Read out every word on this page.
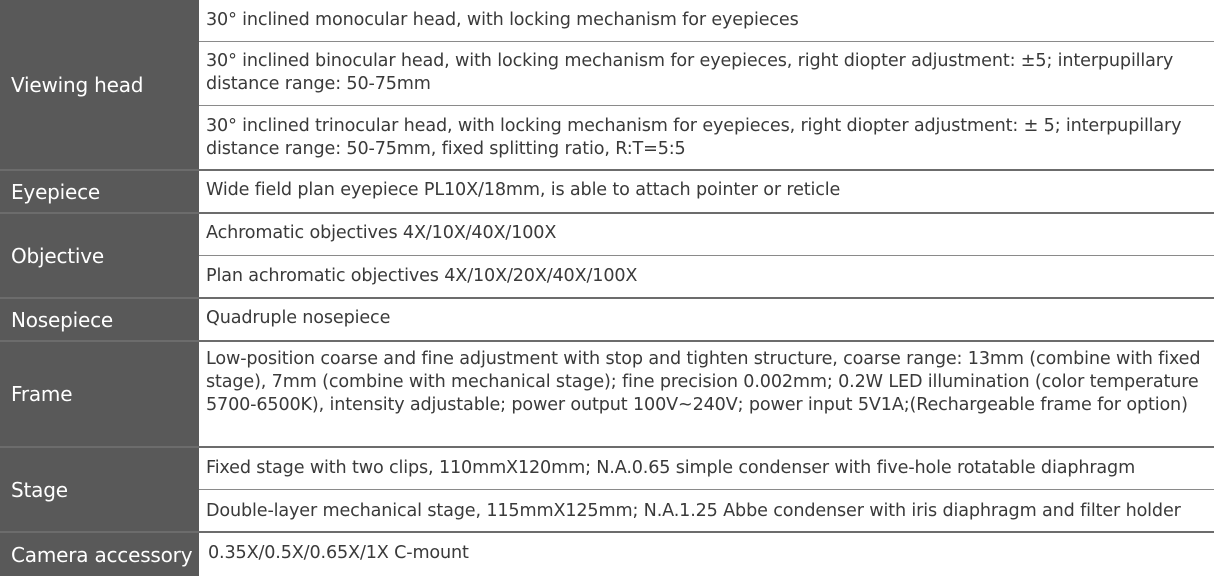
Viewing head
30° inclined monocular head, with locking mechanism for eyepieces
30° inclined binocular head, with locking mechanism for eyepieces, right diopter adjustment: ±5; interpupillary distance range: 50-75mm
30° inclined trinocular head, with locking mechanism for eyepieces, right diopter adjustment: ± 5; interpupillary distance range: 50-75mm, fixed splitting ratio, R:T=5:5
Eyepiece	Wide field plan eyepiece PL10X/18mm, is able to attach pointer or reticle
Objective
Achromatic objectives 4X/10X/40X/100X
Plan achromatic objectives 4X/10X/20X/40X/100X
Nosepiece	Quadruple nosepiece
Frame
Low-position coarse and fine adjustment with stop and tighten structure, coarse range: 13mm (combine with fixed stage), 7mm (combine with mechanical stage); fine precision 0.002mm; 0.2W LED illumination (color temperature 5700-6500K), intensity adjustable; power output 100V~240V; power input 5V1A;(Rechargeable frame for option)
Stage
Fixed stage with two clips, 110mmX120mm; N.A.0.65 simple condenser with five-hole rotatable diaphragm
Double-layer mechanical stage, 115mmX125mm; N.A.1.25 Abbe condenser with iris diaphragm and filter holder
Camera accessory 0.35X/0.5X/0.65X/1X C-mount
